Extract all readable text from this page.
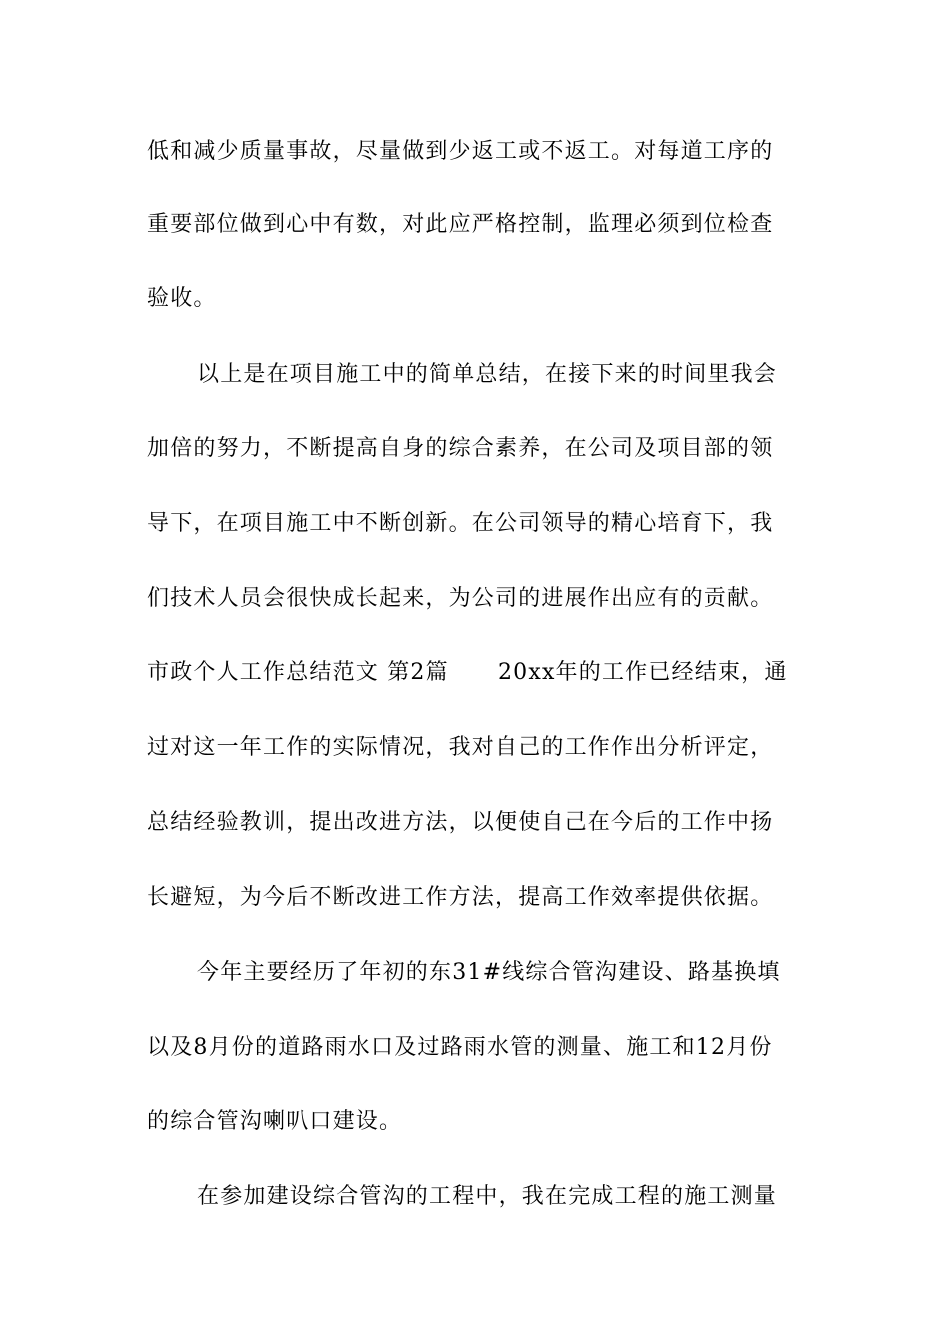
低和减少质量事故，尽量做到少返工或不返工。对每道工序的
重要部位做到心中有数，对此应严格控制，监理必须到位检查
验收。
以上是在项目施工中的简单总结，在接下来的时间里我会
加倍的努力，不断提高自身的综合素养，在公司及项目部的领
导下，在项目施工中不断创新。在公司领导的精心培育下，我
们技术人员会很快成长起来，为公司的进展作出应有的贡献。
市政个人工作总结范文 第2篇      20xx年的工作已经结束，通
过对这一年工作的实际情况，我对自己的工作作出分析评定，
总结经验教训，提出改进方法，以便使自己在今后的工作中扬
长避短，为今后不断改进工作方法，提高工作效率提供依据。
今年主要经历了年初的东31#线综合管沟建设、路基换填
以及8月份的道路雨水口及过路雨水管的测量、施工和12月份
的综合管沟喇叭口建设。
在参加建设综合管沟的工程中，我在完成工程的施工测量
